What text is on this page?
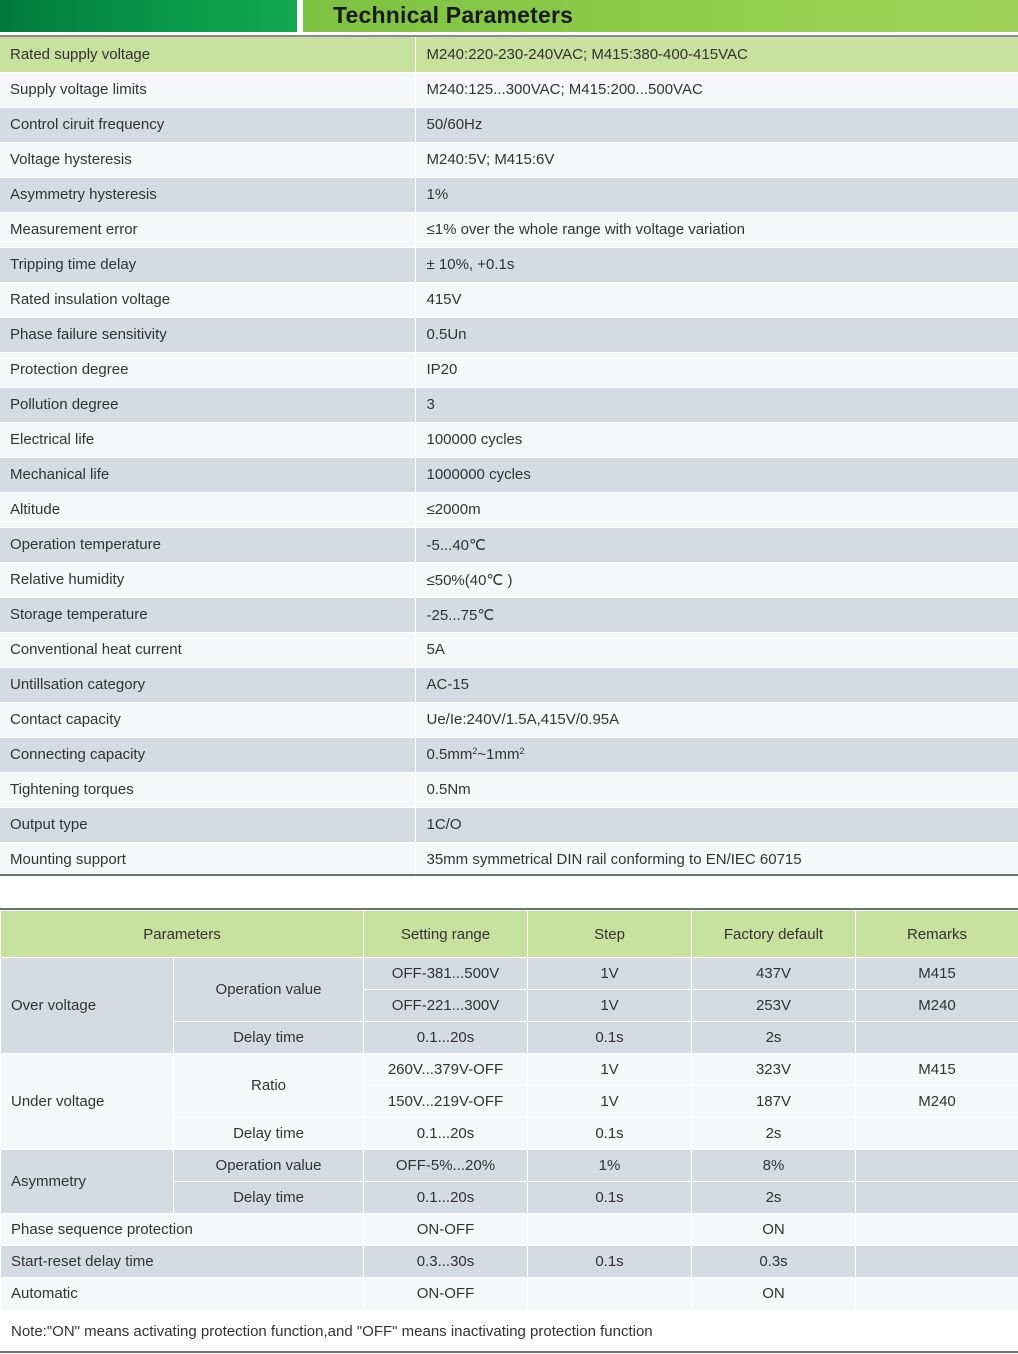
Technical Parameters
Rated supply voltage	M240:220-230-240VAC; M415:380-400-415VAC
Supply voltage limits	M240:125...300VAC; M415:200...500VAC
Control ciruit frequency	50/60Hz
Voltage hysteresis	M240:5V; M415:6V
Asymmetry hysteresis	1%
Measurement error	≤1% over the whole range with voltage variation
Tripping time delay	± 10%, +0.1s
Rated insulation voltage	415V
Phase failure sensitivity	0.5Un
Protection degree	IP20
Pollution degree	3
Electrical life	100000 cycles
Mechanical life	1000000 cycles
Altitude	≤2000m
Operation temperature	-5...40℃
Relative humidity	≤50%(40℃ )
Storage temperature	-25...75℃
Conventional heat current	5A
Untillsation category	AC-15
Contact capacity	Ue/Ie:240V/1.5A,415V/0.95A
Connecting capacity	$0.5mm^2\sim 1mm^2$
Tightening torques	0.5Nm
Output type	1C/O
Mounting support	35mm symmetrical DIN rail conforming to EN/IEC 60715
Parameters		Setting range	Step	Factory default	Remarks
Over voltage	Operation value	OFF-381...500V	1V	437V	M415
		OFF-221...300V	1V	253V	M240
	Delay time	0.1...20s	0.1s	2s	
Under voltage	Ratio	260V...379V-OFF	1V	323V	M415
		150V...219V-OFF	1V	187V	M240
	Delay time	0.1...20s	0.1s	2s	
Asymmetry	Operation value	OFF-5%...20%	1%	8%	
	Delay time	0.1...20s	0.1s	2s	
Phase sequence protection		ON-OFF		ON	
Start-reset delay time		0.3...30s	0.1s	0.3s	
Automatic		ON-OFF		ON	
Note:"ON" means activating protection function,and "OFF" means inactivating protection function					
